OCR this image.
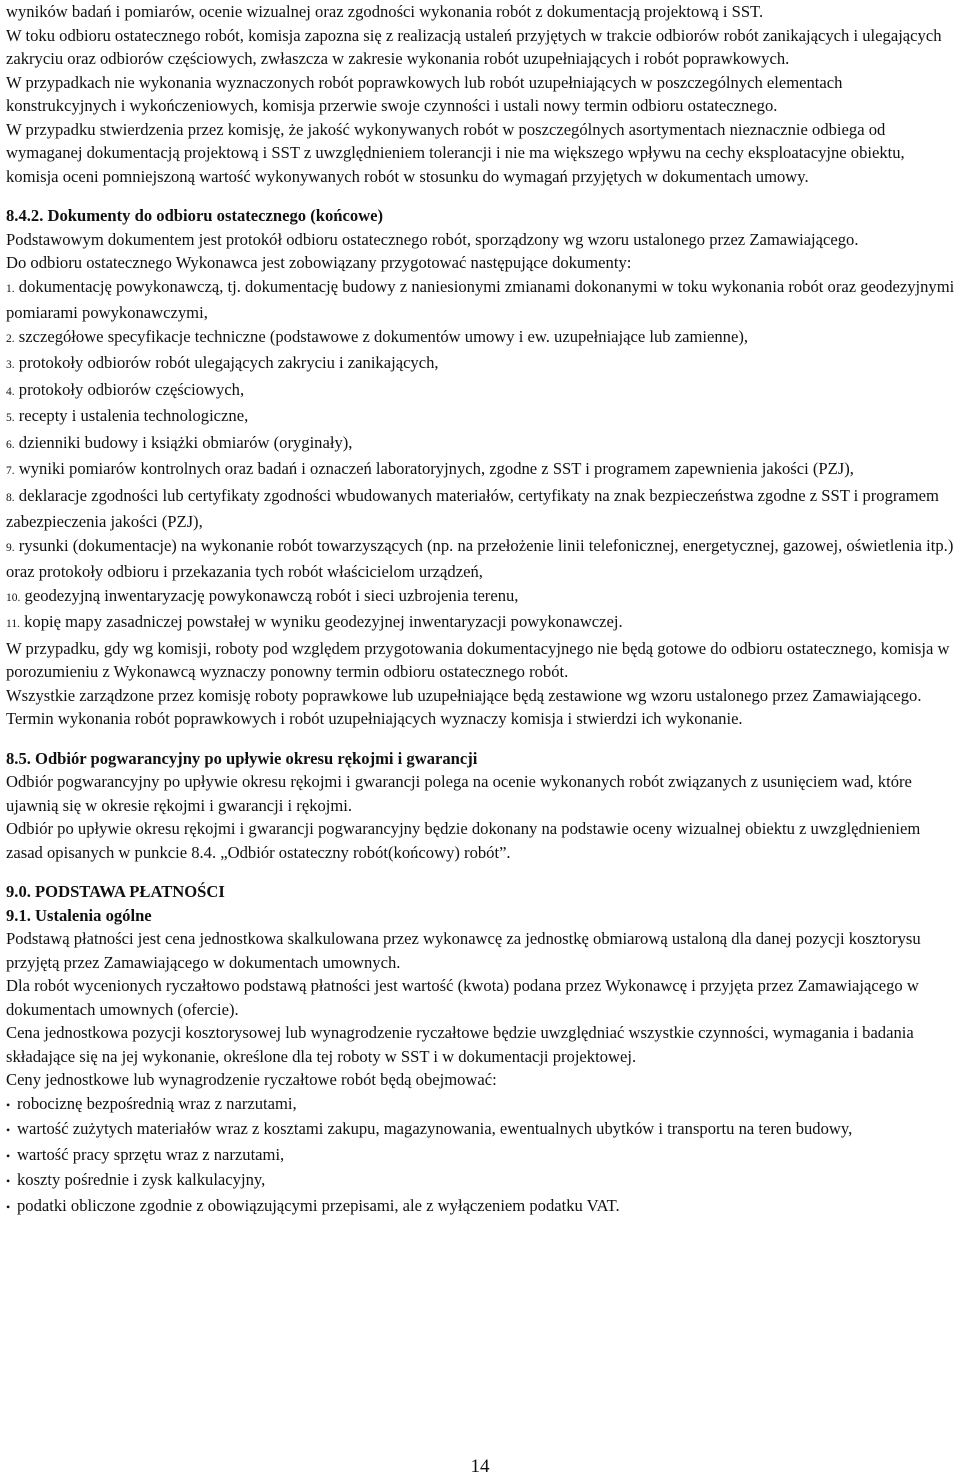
wyników badań i pomiarów, ocenie wizualnej oraz zgodności wykonania robót z dokumentacją projektową i SST.

W toku odbioru ostatecznego robót, komisja zapozna się z realizacją ustaleń przyjętych w trakcie odbiorów robót zanikających i ulegających zakryciu oraz odbiorów częściowych, zwłaszcza w zakresie wykonania robót uzupełniających i robót poprawkowych.

W przypadkach nie wykonania wyznaczonych robót poprawkowych lub robót uzupełniających w poszczególnych elementach konstrukcyjnych i wykończeniowych, komisja przerwie swoje czynności i ustali nowy termin odbioru ostatecznego.

W przypadku stwierdzenia przez komisję, że jakość wykonywanych robót w poszczególnych asortymentach nieznacznie odbiega od wymaganej dokumentacją projektową i SST z uwzględnieniem tolerancji i nie ma większego wpływu na cechy eksploatacyjne obiektu, komisja oceni pomniejszoną wartość wykonywanych robót w stosunku do wymagań przyjętych w dokumentach umowy.

8.4.2. Dokumenty do odbioru ostatecznego (końcowe)

Podstawowym dokumentem jest protokół odbioru ostatecznego robót, sporządzony wg wzoru ustalonego przez Zamawiającego.

Do odbioru ostatecznego Wykonawca jest zobowiązany przygotować następujące dokumenty:

1. dokumentację powykonawczą, tj. dokumentację budowy z naniesionymi zmianami dokonanymi w toku wykonania robót oraz geodezyjnymi pomiarami powykonawczymi,

2. szczegółowe specyfikacje techniczne (podstawowe z dokumentów umowy i ew. uzupełniające lub zamienne),

3. protokoły odbiorów robót ulegających zakryciu i zanikających,

4. protokoły odbiorów częściowych,

5. recepty i ustalenia technologiczne,

6. dzienniki budowy i książki obmiarów (oryginały),

7. wyniki pomiarów kontrolnych oraz badań i oznaczeń laboratoryjnych, zgodne z SST i programem zapewnienia jakości (PZJ),

8. deklaracje zgodności lub certyfikaty zgodności wbudowanych materiałów, certyfikaty na znak bezpieczeństwa zgodne z SST i programem zabezpieczenia jakości (PZJ),

9. rysunki (dokumentacje) na wykonanie robót towarzyszących (np. na przełożenie linii telefonicznej, energetycznej, gazowej, oświetlenia itp.) oraz protokoły odbioru i przekazania tych robót właścicielom urządzeń,

10. geodezyjną inwentaryzację powykonawczą robót i sieci uzbrojenia terenu,

11. kopię mapy zasadniczej powstałej w wyniku geodezyjnej inwentaryzacji powykonawczej.

W przypadku, gdy wg komisji, roboty pod względem przygotowania dokumentacyjnego nie będą gotowe do odbioru ostatecznego, komisja w porozumieniu z Wykonawcą wyznaczy ponowny termin odbioru ostatecznego robót.

Wszystkie zarządzone przez komisję roboty poprawkowe lub uzupełniające będą zestawione wg wzoru ustalonego przez Zamawiającego.

Termin wykonania robót poprawkowych i robót uzupełniających wyznaczy komisja i stwierdzi ich wykonanie.

8.5. Odbiór pogwarancyjny po upływie okresu rękojmi i gwarancji

Odbiór pogwarancyjny po upływie okresu rękojmi i gwarancji polega na ocenie wykonanych robót związanych z usunięciem wad, które ujawnią się w okresie rękojmi i gwarancji i rękojmi.

Odbiór po upływie okresu rękojmi i gwarancji pogwarancyjny będzie dokonany na podstawie oceny wizualnej obiektu z uwzględnieniem zasad opisanych w punkcie 8.4. „Odbiór ostateczny robót(końcowy) robót”.

9.0. PODSTAWA PŁATNOŚCI

9.1. Ustalenia ogólne

Podstawą płatności jest cena jednostkowa skalkulowana przez wykonawcę za jednostkę obmiarową ustaloną dla danej pozycji kosztorysu przyjętą przez Zamawiającego w dokumentach umownych.

Dla robót wycenionych ryczałtowo podstawą płatności jest wartość (kwota) podana przez Wykonawcę i przyjęta przez Zamawiającego w dokumentach umownych (ofercie).

Cena jednostkowa pozycji kosztorysowej lub wynagrodzenie ryczałtowe będzie uwzględniać wszystkie czynności, wymagania i badania składające się na jej wykonanie, określone dla tej roboty w SST i w dokumentacji projektowej.

Ceny jednostkowe lub wynagrodzenie ryczałtowe robót będą obejmować:

• robociznę bezpośrednią wraz z narzutami,

• wartość zużytych materiałów wraz z kosztami zakupu, magazynowania, ewentualnych ubytków i transportu na teren budowy,

• wartość pracy sprzętu wraz z narzutami,

• koszty pośrednie i zysk kalkulacyjny,

• podatki obliczone zgodnie z obowiązującymi przepisami, ale z wyłączeniem podatku VAT.

14
